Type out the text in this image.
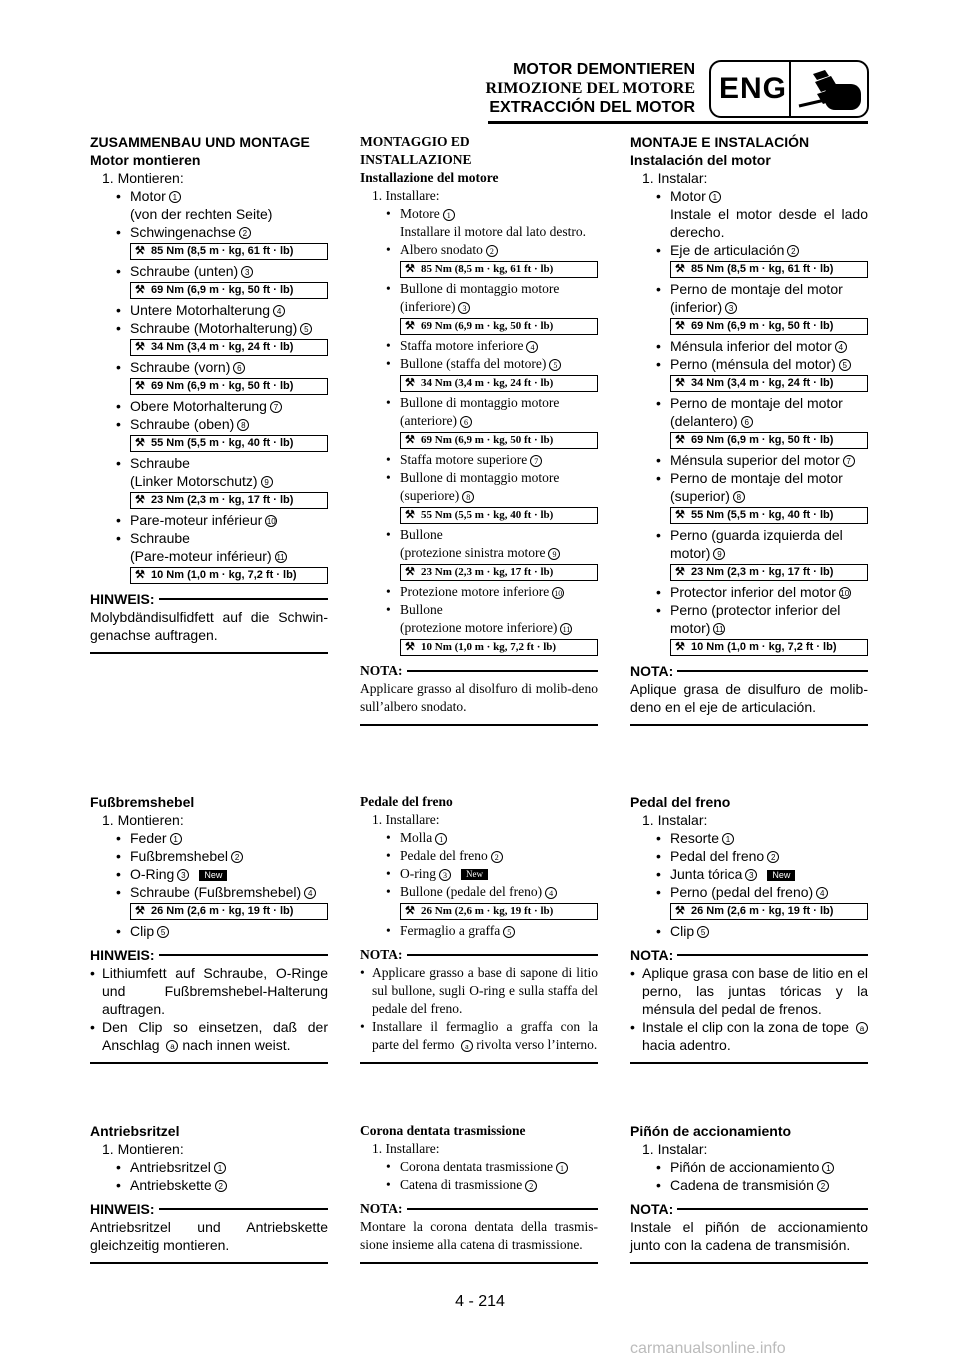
MOTOR DEMONTIEREN
RIMOZIONE DEL MOTORE
EXTRACCIÓN DEL MOTOR
ENG
ZUSAMMENBAU UND MONTAGE
Motor montieren
1. Montieren:
• Motor 1
(von der rechten Seite)
• Schwingenachse 2
⚒ 85 Nm (8,5 m · kg, 61 ft · lb)
• Schraube (unten) 3
⚒ 69 Nm (6,9 m · kg, 50 ft · lb)
• Untere Motorhalterung 4
• Schraube (Motorhalterung) 5
⚒ 34 Nm (3,4 m · kg, 24 ft · lb)
• Schraube (vorn) 6
⚒ 69 Nm (6,9 m · kg, 50 ft · lb)
• Obere Motorhalterung 7
• Schraube (oben) 8
⚒ 55 Nm (5,5 m · kg, 40 ft · lb)
• Schraube
(Linker Motorschutz) 9
⚒ 23 Nm (2,3 m · kg, 17 ft · lb)
• Pare-moteur inférieur 10
• Schraube
(Pare-moteur inférieur) 11
⚒ 10 Nm (1,0 m · kg, 7,2 ft · lb)
HINWEIS:
Molybdändisulfidfett auf die Schwin-genachse auftragen.
Fußbremshebel
1. Montieren:
• Feder 1
• Fußbremshebel 2
• O-Ring 3 New
• Schraube (Fußbremshebel) 4
⚒ 26 Nm (2,6 m · kg, 19 ft · lb)
• Clip 5
HINWEIS:
• Lithiumfett auf Schraube, O-Ringe und Fußbremshebel-Halterung auftragen.
• Den Clip so einsetzen, daß der Anschlag a nach innen weist.
Antriebsritzel
1. Montieren:
• Antriebsritzel 1
• Antriebskette 2
HINWEIS:
Antriebsritzel und Antriebskette gleichzeitig montieren.
MONTAGGIO ED
INSTALLAZIONE
Installazione del motore
1. Installare:
• Motore 1
Installare il motore dal lato destro.
• Albero snodato 2
⚒ 85 Nm (8,5 m · kg, 61 ft · lb)
• Bullone di montaggio motore
(inferiore) 3
⚒ 69 Nm (6,9 m · kg, 50 ft · lb)
• Staffa motore inferiore 4
• Bullone (staffa del motore) 5
⚒ 34 Nm (3,4 m · kg, 24 ft · lb)
• Bullone di montaggio motore
(anteriore) 6
⚒ 69 Nm (6,9 m · kg, 50 ft · lb)
• Staffa motore superiore 7
• Bullone di montaggio motore
(superiore) 8
⚒ 55 Nm (5,5 m · kg, 40 ft · lb)
• Bullone
(protezione sinistra motore 9
⚒ 23 Nm (2,3 m · kg, 17 ft · lb)
• Protezione motore inferiore 10
• Bullone
(protezione motore inferiore) 11
⚒ 10 Nm (1,0 m · kg, 7,2 ft · lb)
NOTA:
Applicare grasso al disolfuro di molib-deno sull’albero snodato.
Pedale del freno
1. Installare:
• Molla 1
• Pedale del freno 2
• O-ring 3 New
• Bullone (pedale del freno) 4
⚒ 26 Nm (2,6 m · kg, 19 ft · lb)
• Fermaglio a graffa 5
NOTA:
• Applicare grasso a base di sapone di litio sul bullone, sugli O-ring e sulla staffa del pedale del freno.
• Installare il fermaglio a graffa con la parte del fermo a rivolta verso l’interno.
Corona dentata trasmissione
1. Installare:
• Corona dentata trasmissione 1
• Catena di trasmissione 2
NOTA:
Montare la corona dentata della trasmis-sione insieme alla catena di trasmissione.
MONTAJE E INSTALACIÓN
Instalación del motor
1. Instalar:
• Motor 1
Instale el motor desde el lado derecho.
• Eje de articulación 2
⚒ 85 Nm (8,5 m · kg, 61 ft · lb)
• Perno de montaje del motor
(inferior) 3
⚒ 69 Nm (6,9 m · kg, 50 ft · lb)
• Ménsula inferior del motor 4
• Perno (ménsula del motor) 5
⚒ 34 Nm (3,4 m · kg, 24 ft · lb)
• Perno de montaje del motor
(delantero) 6
⚒ 69 Nm (6,9 m · kg, 50 ft · lb)
• Ménsula superior del motor 7
• Perno de montaje del motor
(superior) 8
⚒ 55 Nm (5,5 m · kg, 40 ft · lb)
• Perno (guarda izquierda del
motor) 9
⚒ 23 Nm (2,3 m · kg, 17 ft · lb)
• Protector inferior del motor 10
• Perno (protector inferior del
motor) 11
⚒ 10 Nm (1,0 m · kg, 7,2 ft · lb)
NOTA:
Aplique grasa de disulfuro de molib-deno en el eje de articulación.
Pedal del freno
1. Instalar:
• Resorte 1
• Pedal del freno 2
• Junta tórica 3 New
• Perno (pedal del freno) 4
⚒ 26 Nm (2,6 m · kg, 19 ft · lb)
• Clip 5
NOTA:
• Aplique grasa con base de litio en el perno, las juntas tóricas y la ménsula del pedal de frenos.
• Instale el clip con la zona de tope a hacia adentro.
Piñón de accionamiento
1. Instalar:
• Piñón de accionamiento 1
• Cadena de transmisión 2
NOTA:
Instale el piñón de accionamiento junto con la cadena de transmisión.
4 - 214
carmanualsonline.info
